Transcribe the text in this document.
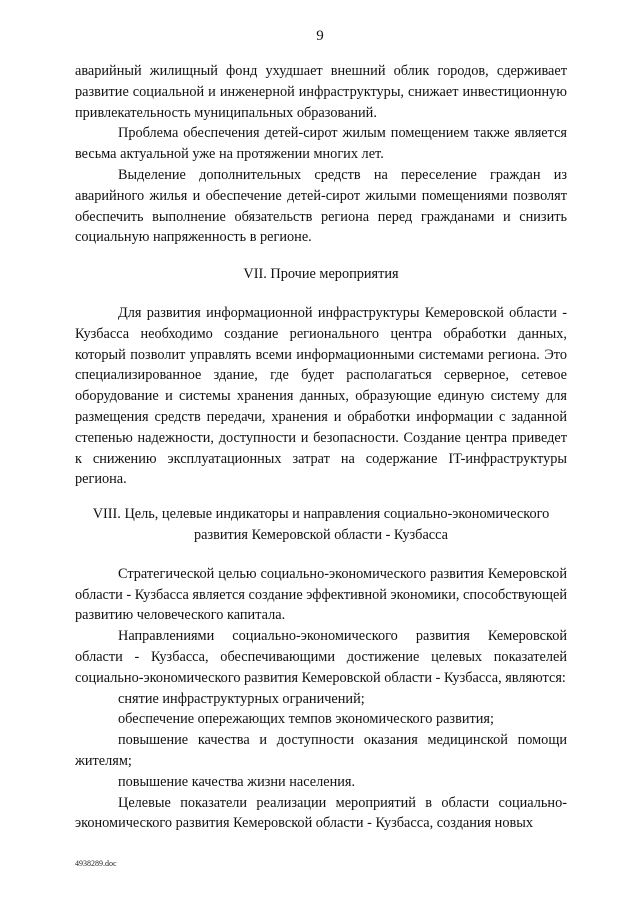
9

аварийный жилищный фонд ухудшает внешний облик городов, сдерживает развитие социальной и инженерной инфраструктуры, снижает инвестиционную привлекательность муниципальных образований.

Проблема обеспечения детей-сирот жилым помещением также является весьма актуальной уже на протяжении многих лет.

Выделение дополнительных средств на переселение граждан из аварийного жилья и обеспечение детей-сирот жилыми помещениями позволят обеспечить выполнение обязательств региона перед гражданами и снизить социальную напряженность в регионе.

VII. Прочие мероприятия

Для развития информационной инфраструктуры Кемеровской области - Кузбасса необходимо создание регионального центра обработки данных, который позволит управлять всеми информационными системами региона. Это специализированное здание, где будет располагаться серверное, сетевое оборудование и системы хранения данных, образующие единую систему для размещения средств передачи, хранения и обработки информации с заданной степенью надежности, доступности и безопасности. Создание центра приведет к снижению эксплуатационных затрат на содержание IT-инфраструктуры региона.

VIII. Цель, целевые индикаторы и направления социально-экономического
развития Кемеровской области - Кузбасса

Стратегической целью социально-экономического развития Кемеровской области - Кузбасса является создание эффективной экономики, способствующей развитию человеческого капитала.

Направлениями социально-экономического развития Кемеровской области - Кузбасса, обеспечивающими достижение целевых показателей социально-экономического развития Кемеровской области - Кузбасса, являются:

снятие инфраструктурных ограничений;

обеспечение опережающих темпов экономического развития;

повышение качества и доступности оказания медицинской помощи жителям;

повышение качества жизни населения.

Целевые показатели реализации мероприятий в области социально-экономического развития Кемеровской области - Кузбасса, создания новых

4938289.doc
